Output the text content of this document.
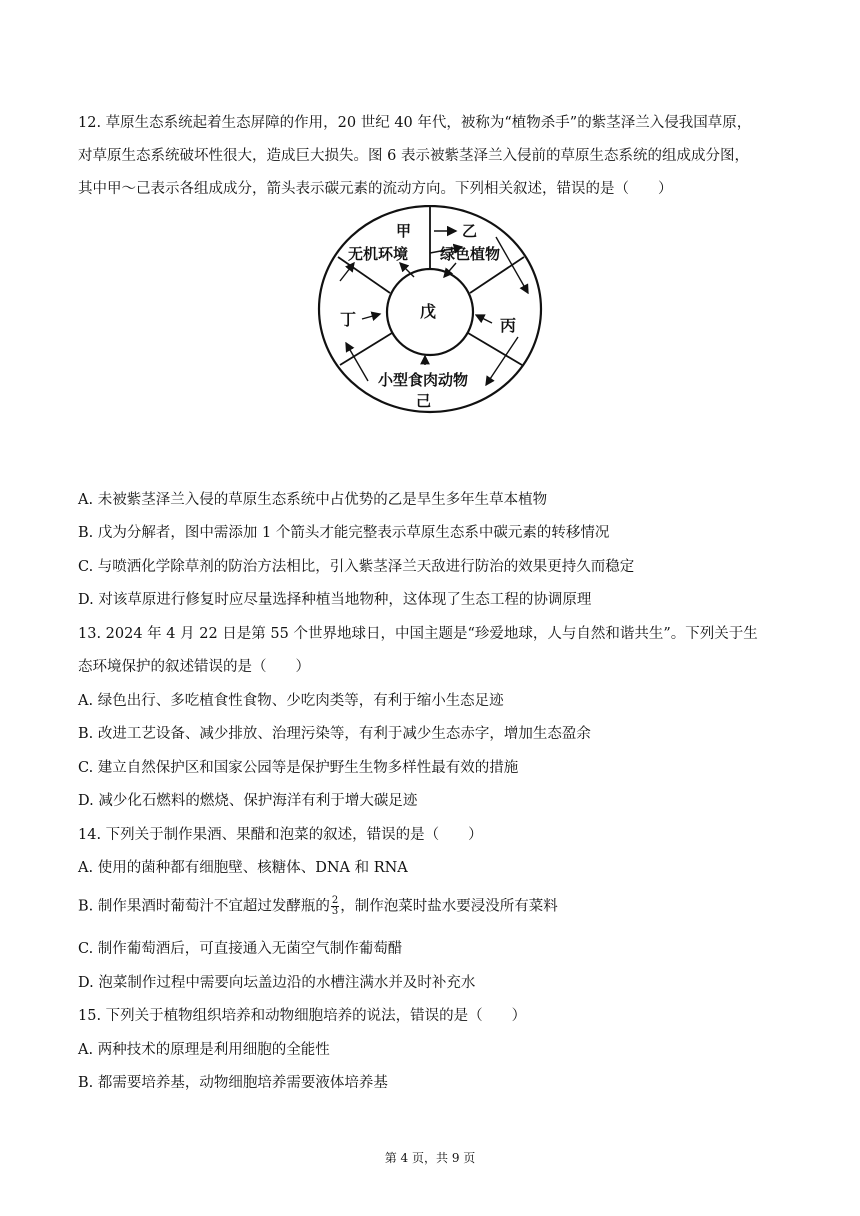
12. 草原生态系统起着生态屏障的作用，20 世纪 40 年代，被称为“植物杀手”的紫茎泽兰入侵我国草原，
对草原生态系统破坏性很大，造成巨大损失。图 6 表示被紫茎泽兰入侵前的草原生态系统的组成成分图，
其中甲～己表示各组成成分，箭头表示碳元素的流动方向。下列相关叙述，错误的是（　　）
甲	乙
无机环境 绿色植物
丁	戊
丙
小型食肉动物
己
A. 未被紫茎泽兰入侵的草原生态系统中占优势的乙是旱生多年生草本植物
B. 戊为分解者，图中需添加 1 个箭头才能完整表示草原生态系中碳元素的转移情况
C. 与喷洒化学除草剂的防治方法相比，引入紫茎泽兰天敌进行防治的效果更持久而稳定
D. 对该草原进行修复时应尽量选择种植当地物种，这体现了生态工程的协调原理
13. 2024 年 4 月 22 日是第 55 个世界地球日，中国主题是“珍爱地球，人与自然和谐共生”。下列关于生
态环境保护的叙述错误的是（　　）
A. 绿色出行、多吃植食性食物、少吃肉类等，有利于缩小生态足迹
B. 改进工艺设备、减少排放、治理污染等，有利于减少生态赤字，增加生态盈余
C. 建立自然保护区和国家公园等是保护野生生物多样性最有效的措施
D. 减少化石燃料的燃烧、保护海洋有利于增大碳足迹
14. 下列关于制作果酒、果醋和泡菜的叙述，错误的是（　　）
A. 使用的菌种都有细胞壁、核糖体、DNA 和 RNA
B. 制作果酒时葡萄汁不宜超过发酵瓶的 $\frac{2}{3}$ ，制作泡菜时盐水要浸没所有菜料
C. 制作葡萄酒后，可直接通入无菌空气制作葡萄醋
D. 泡菜制作过程中需要向坛盖边沿的水槽注满水并及时补充水
15. 下列关于植物组织培养和动物细胞培养的说法，错误的是（　　）
A. 两种技术的原理是利用细胞的全能性
B. 都需要培养基，动物细胞培养需要液体培养基
第 4 页，共 9 页
